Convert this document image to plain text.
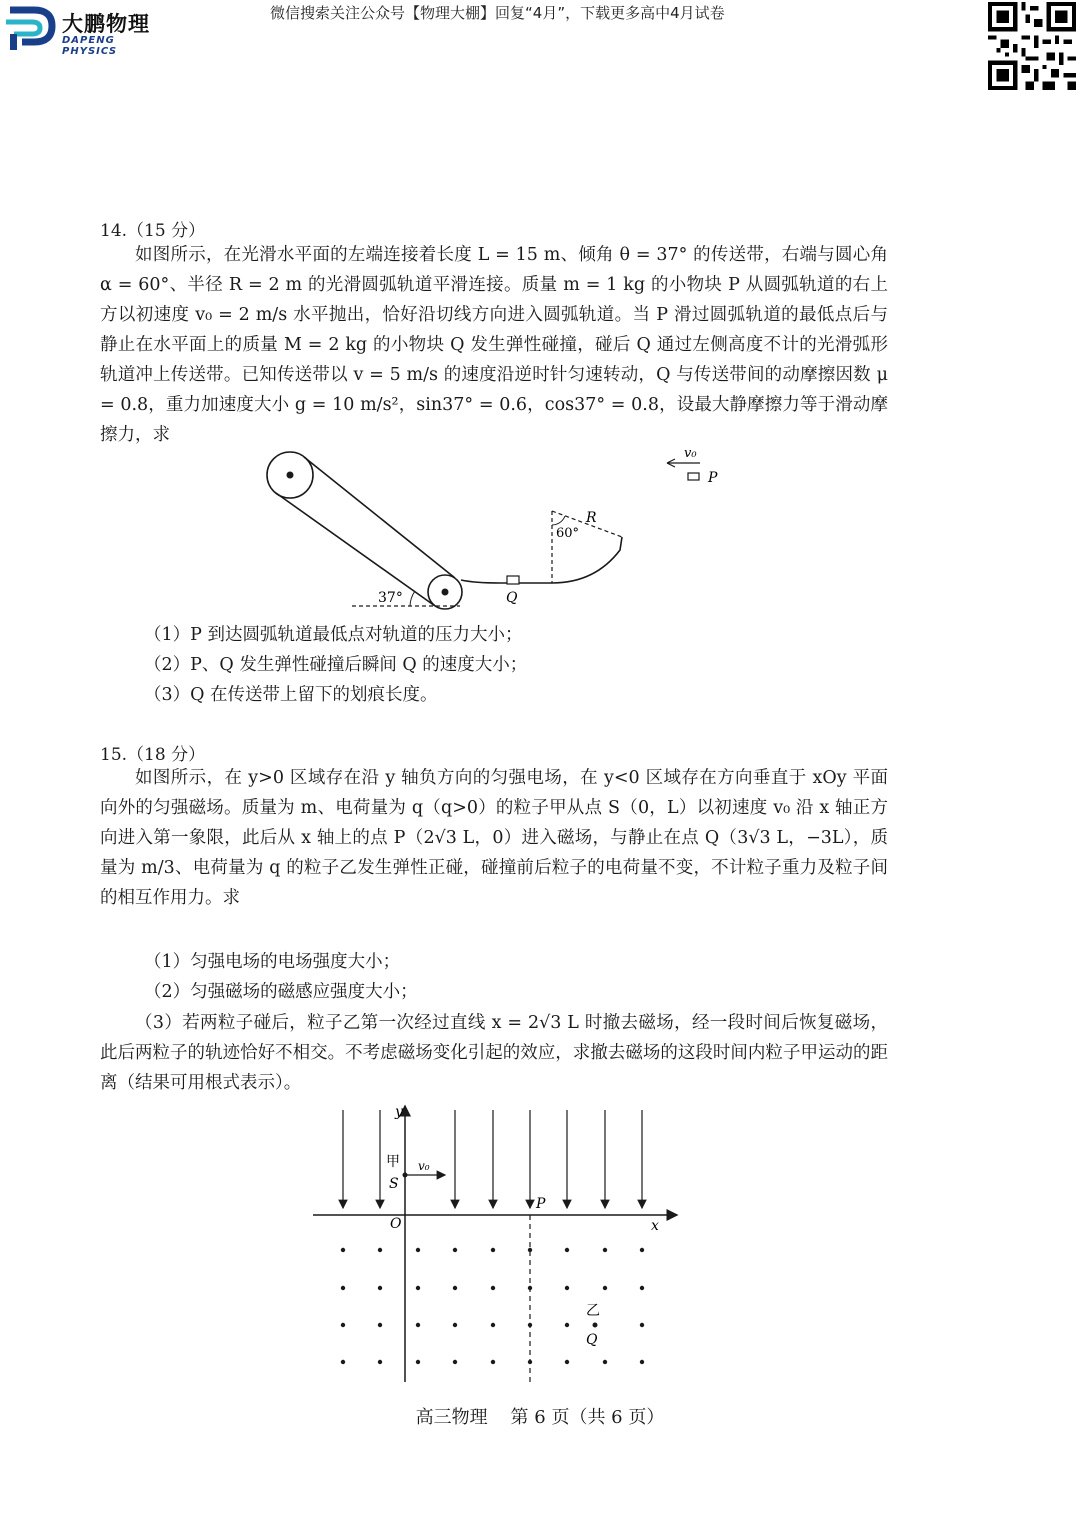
大鹏物理
DAPENG PHYSICS
微信搜索关注公众号【物理大棚】回复“4月”，下载更多高中4月试卷
14.（15 分）
如图所示，在光滑水平面的左端连接着长度 L = 15 m、倾角 θ = 37° 的传送带，右端与圆心角 α = 60°、半径 R = 2 m 的光滑圆弧轨道平滑连接。质量 m = 1 kg 的小物块 P 从圆弧轨道的右上方以初速度 v₀ = 2 m/s 水平抛出，恰好沿切线方向进入圆弧轨道。当 P 滑过圆弧轨道的最低点后与静止在水平面上的质量 M = 2 kg 的小物块 Q 发生弹性碰撞，碰后 Q 通过左侧高度不计的光滑弧形轨道冲上传送带。已知传送带以 v = 5 m/s 的速度沿逆时针匀速转动，Q 与传送带间的动摩擦因数 μ = 0.8，重力加速度大小 g = 10 m/s²，sin37° = 0.6，cos37° = 0.8，设最大静摩擦力等于滑动摩擦力，求
37°	Q
60°
R
v₀
P
（1）P 到达圆弧轨道最低点对轨道的压力大小；
（2）P、Q 发生弹性碰撞后瞬间 Q 的速度大小；
（3）Q 在传送带上留下的划痕长度。
15.（18 分）
如图所示，在 y>0 区域存在沿 y 轴负方向的匀强电场，在 y<0 区域存在方向垂直于 xOy 平面向外的匀强磁场。质量为 m、电荷量为 q（q>0）的粒子甲从点 S（0，L）以初速度 v₀ 沿 x 轴正方向进入第一象限，此后从 x 轴上的点 P（2√3 L，0）进入磁场，与静止在点 Q（3√3 L，−3L），质量为 m/3、电荷量为 q 的粒子乙发生弹性正碰，碰撞前后粒子的电荷量不变，不计粒子重力及粒子间的相互作用力。求
（1）匀强电场的电场强度大小；
（2）匀强磁场的磁感应强度大小；
（3）若两粒子碰后，粒子乙第一次经过直线 x = 2√3 L 时撤去磁场，经一段时间后恢复磁场，此后两粒子的轨迹恰好不相交。不考虑磁场变化引起的效应，求撤去磁场的这段时间内粒子甲运动的距离（结果可用根式表示）。
y
x
O
P
甲
S
v₀
乙
Q
高三物理 第 6 页（共 6 页）
